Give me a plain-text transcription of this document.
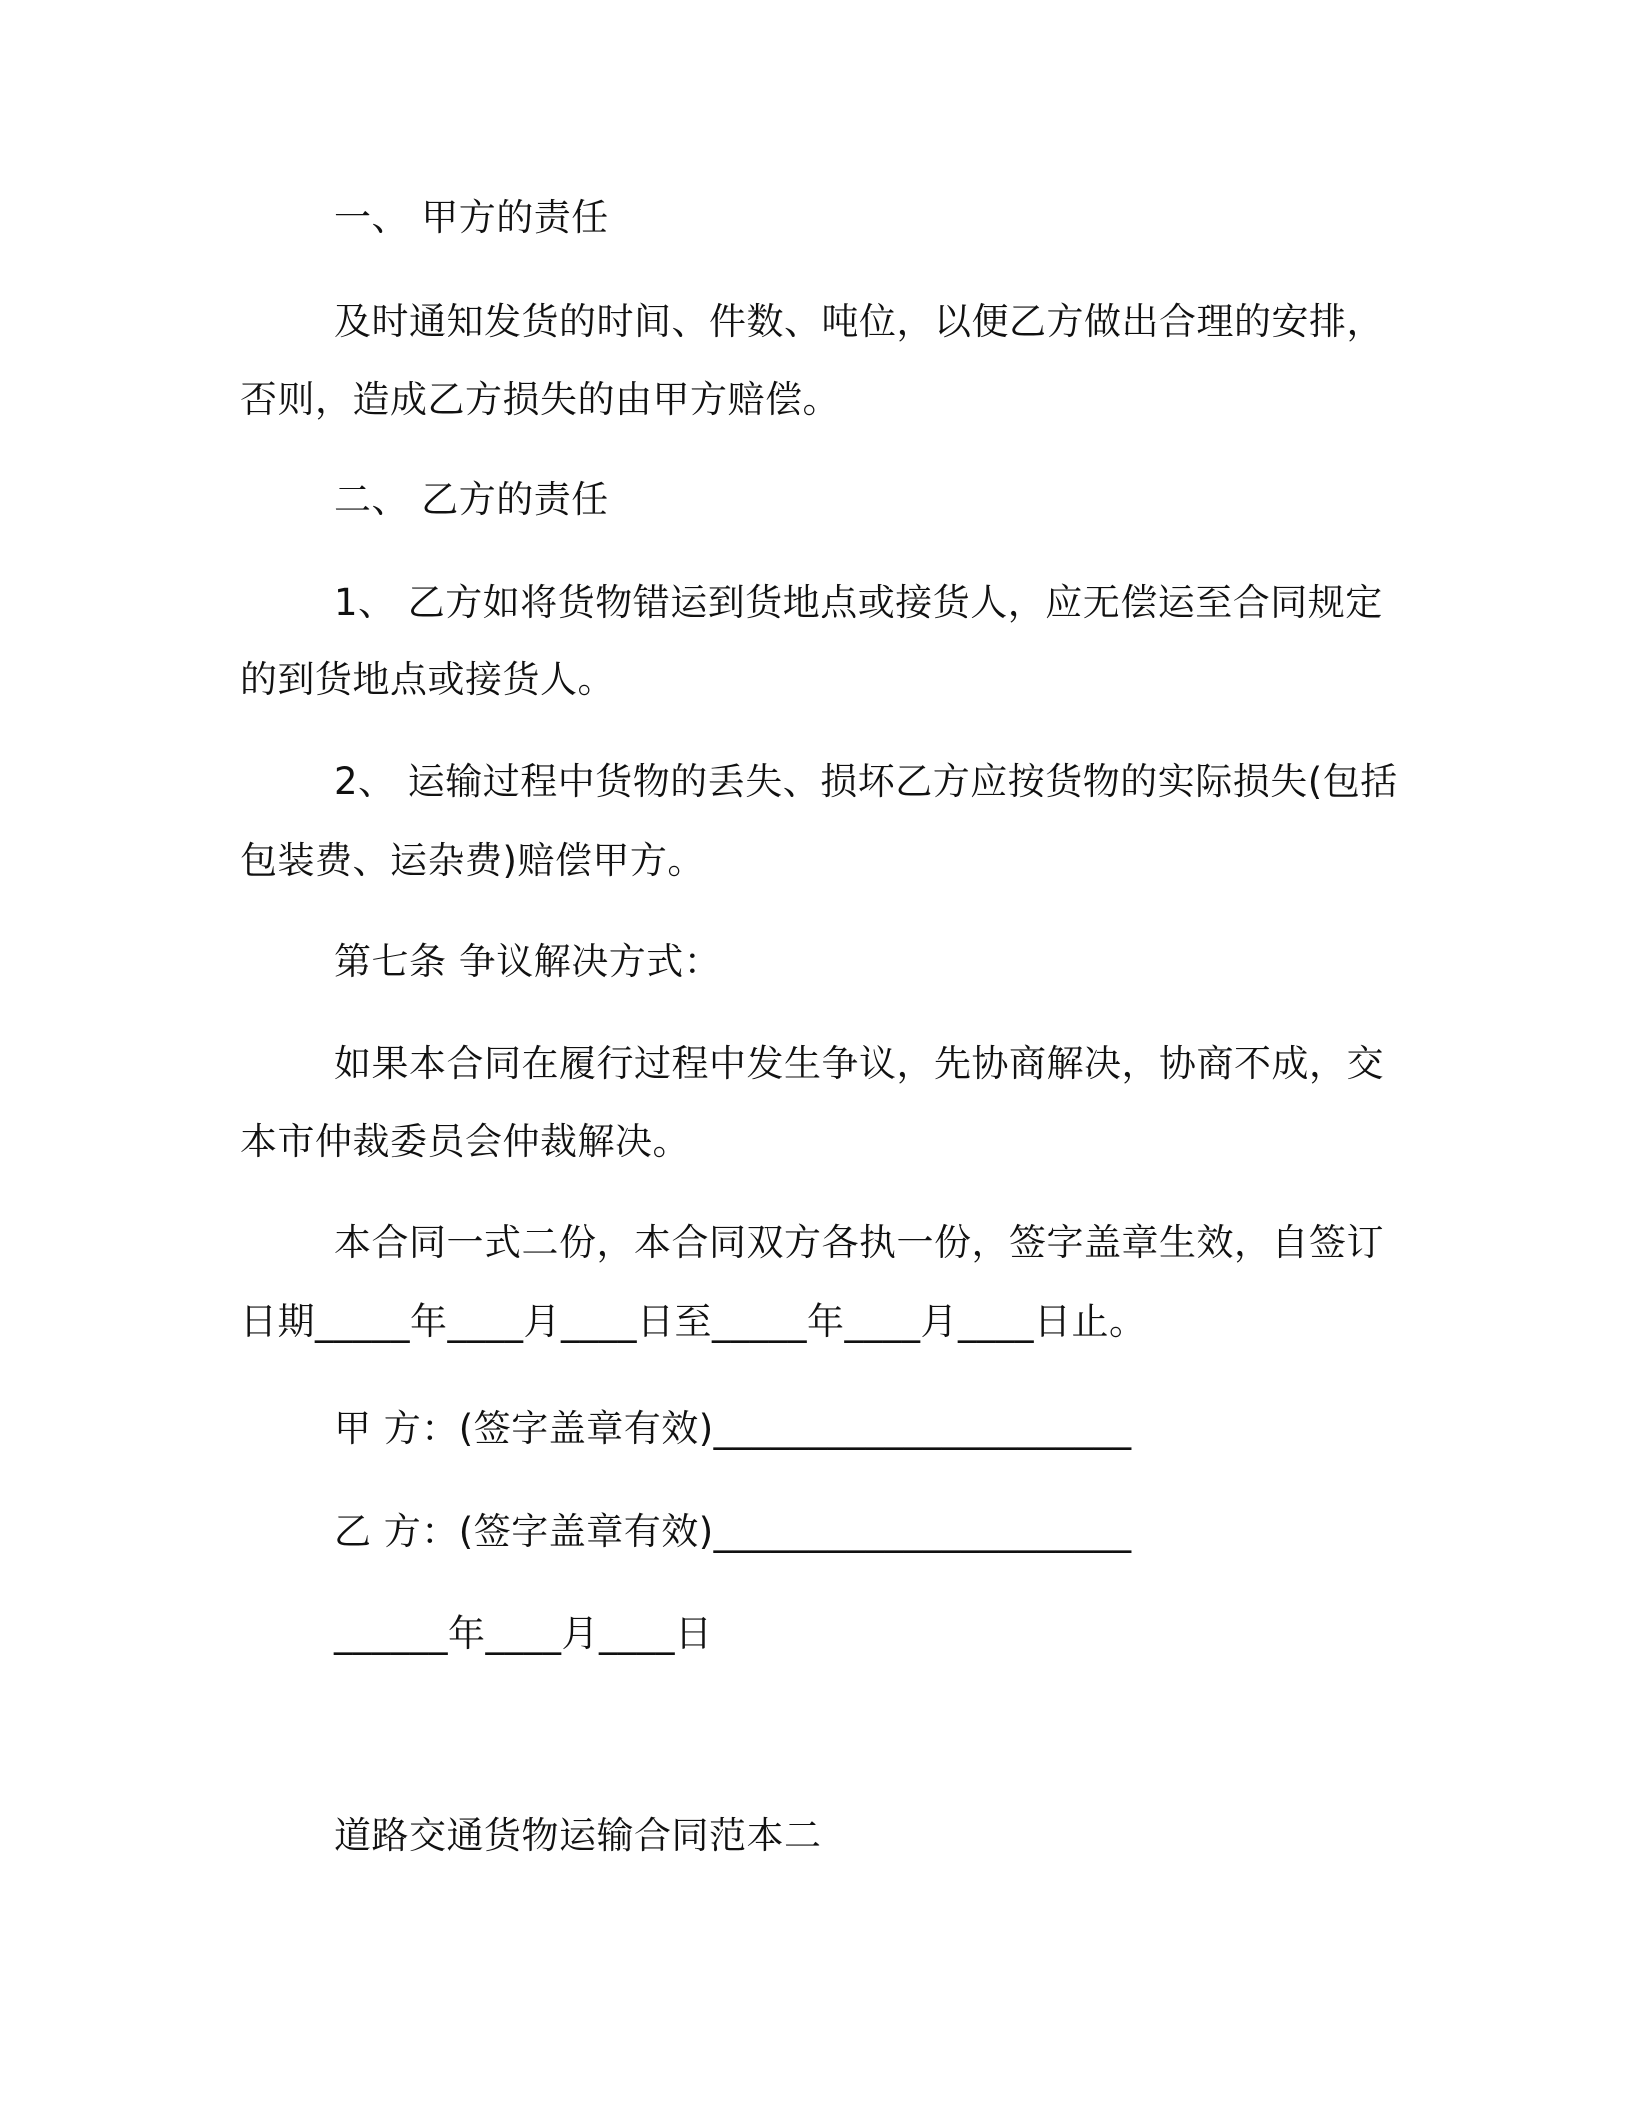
一、 甲方的责任
及时通知发货的时间、件数、吨位，以便乙方做出合理的安排，
否则，造成乙方损失的由甲方赔偿。
二、 乙方的责任
1、 乙方如将货物错运到货地点或接货人，应无偿运至合同规定
的到货地点或接货人。
2、 运输过程中货物的丢失、损坏乙方应按货物的实际损失(包括
包装费、运杂费)赔偿甲方。
第七条 争议解决方式：
如果本合同在履行过程中发生争议，先协商解决，协商不成，交
本市仲裁委员会仲裁解决。
本合同一式二份，本合同双方各执一份，签字盖章生效，自签订
日期_____年____月____日至_____年____月____日止。
甲 方：(签字盖章有效)______________________
乙 方：(签字盖章有效)______________________
______年____月____日
道路交通货物运输合同范本二
